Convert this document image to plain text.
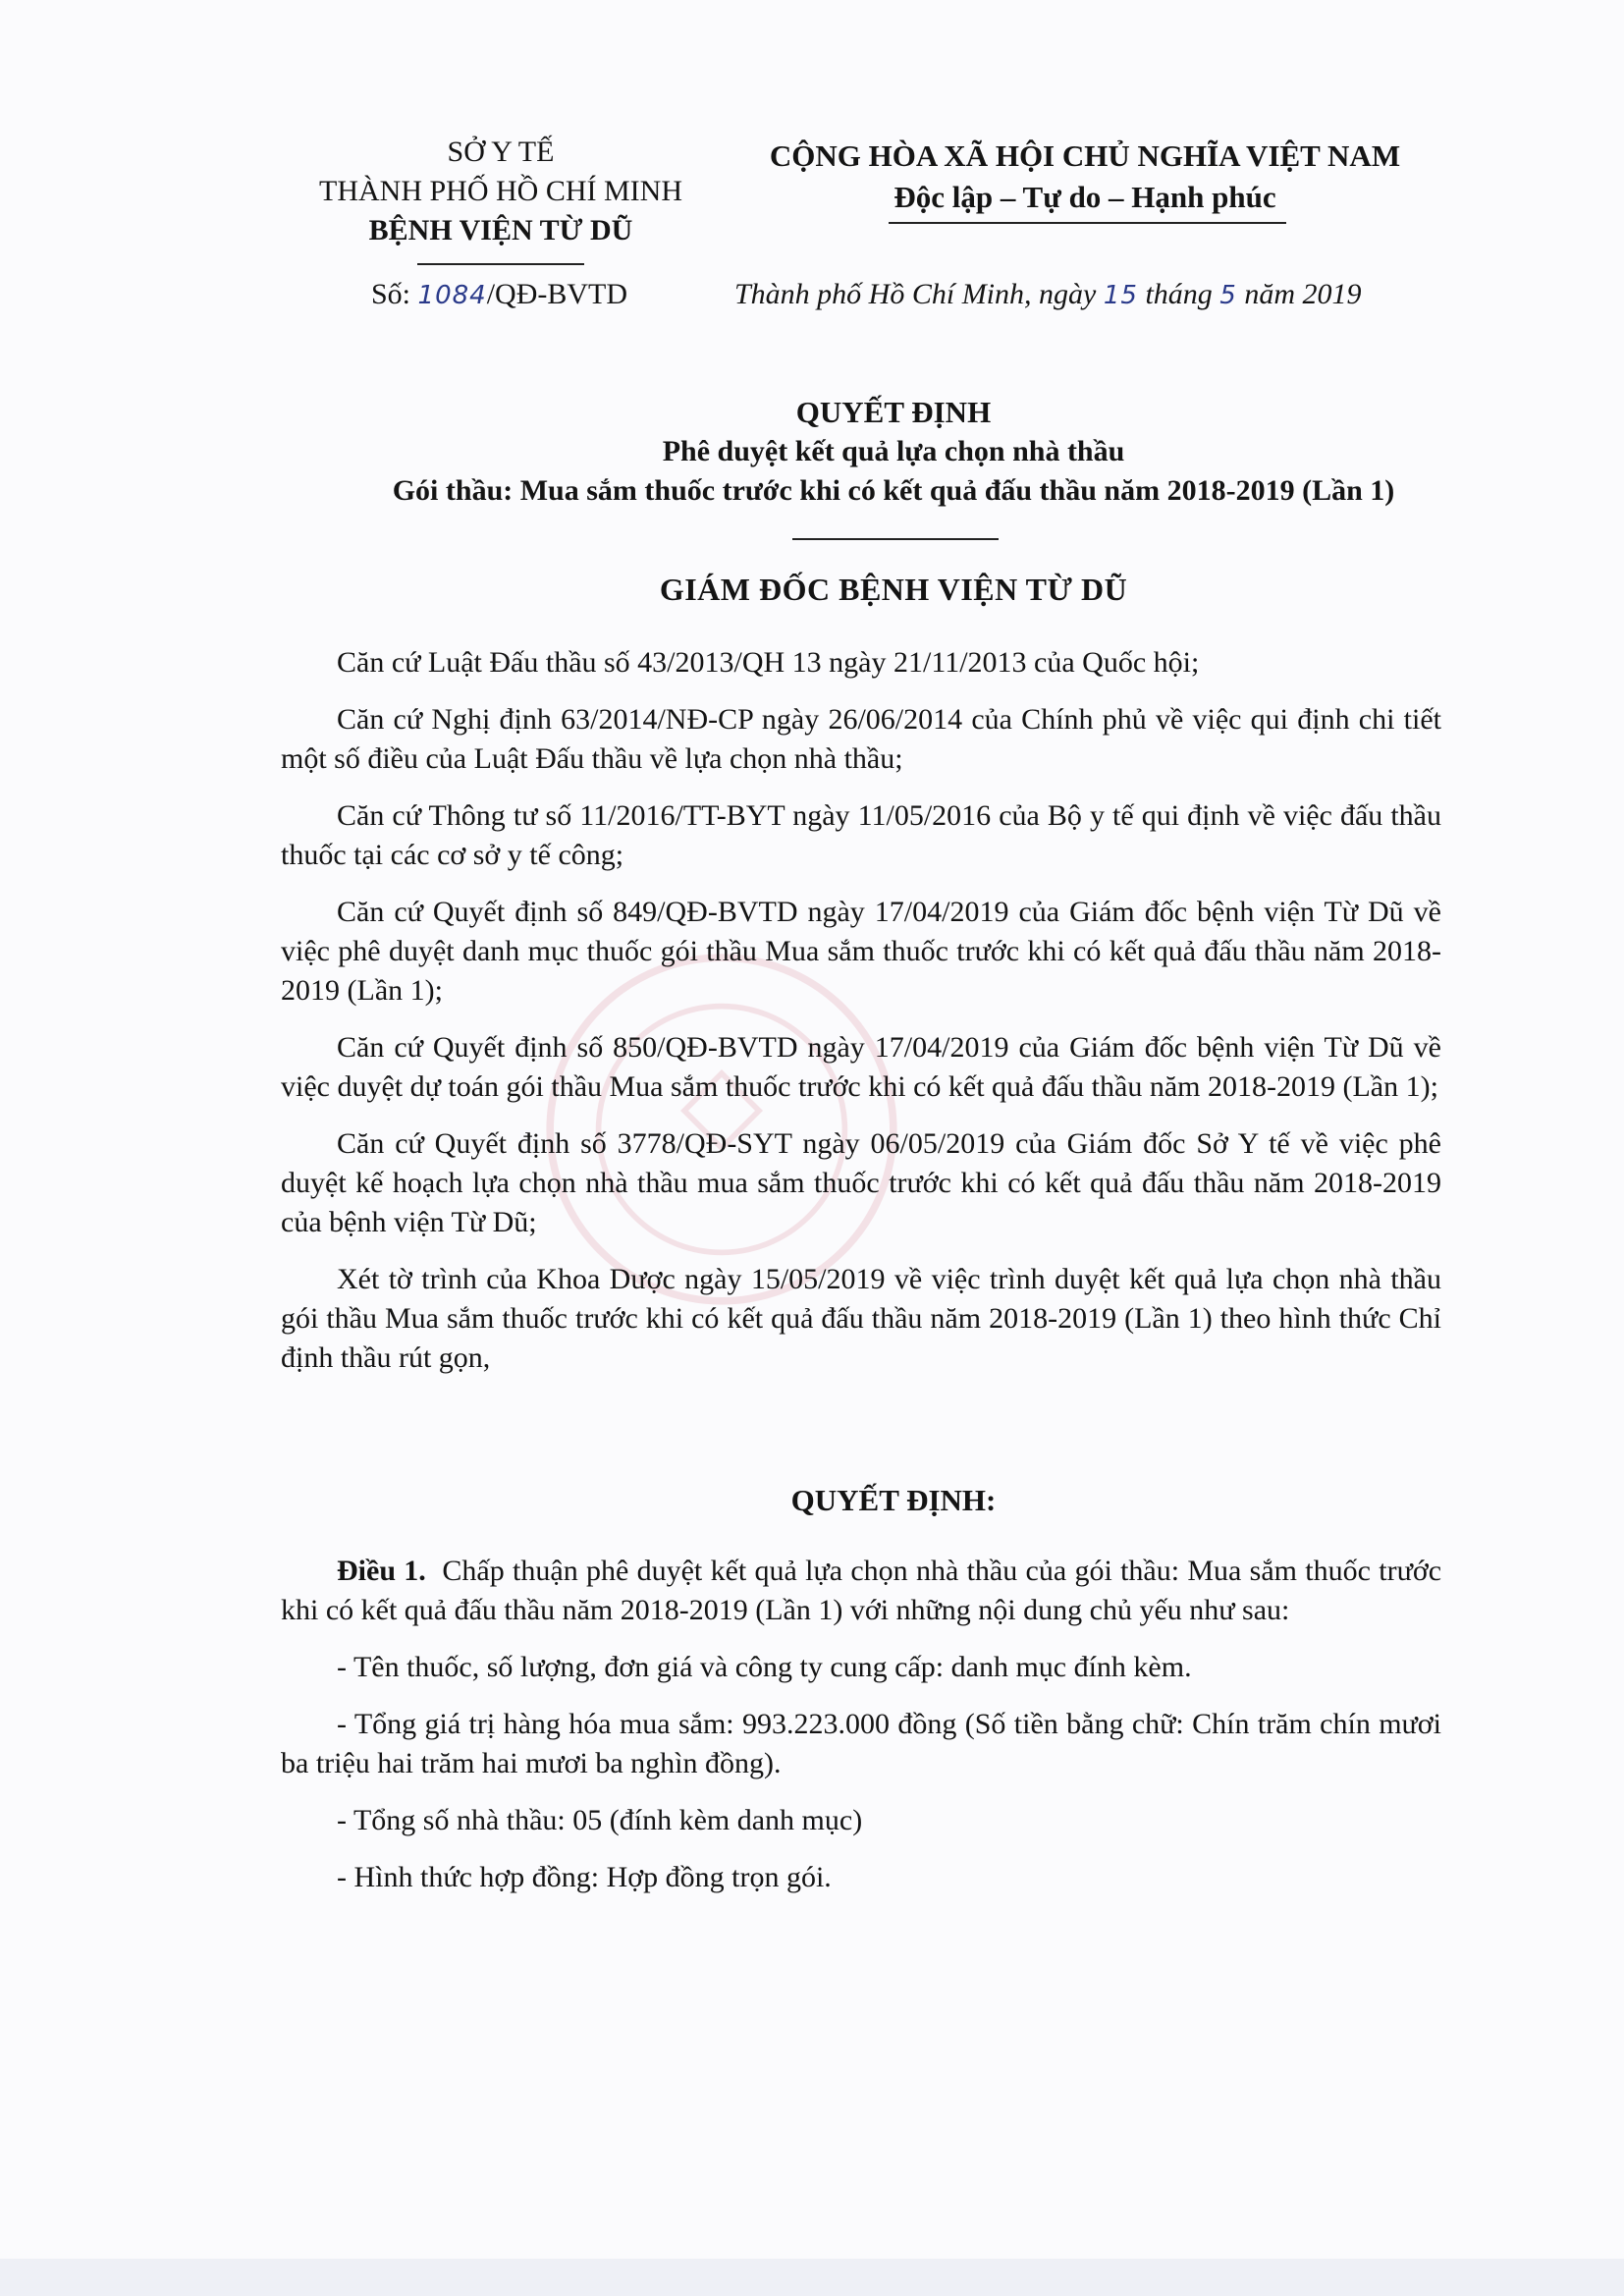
SỞ Y TẾ
THÀNH PHỐ HỒ CHÍ MINH
BỆNH VIỆN TỪ DŨ
CỘNG HÒA XÃ HỘI CHỦ NGHĨA VIỆT NAM
Độc lập – Tự do – Hạnh phúc
Số: 1084/QĐ-BVTD	Thành phố Hồ Chí Minh, ngày 15 tháng 5 năm 2019
QUYẾT ĐỊNH
Phê duyệt kết quả lựa chọn nhà thầu
Gói thầu: Mua sắm thuốc trước khi có kết quả đấu thầu năm 2018-2019 (Lần 1)
GIÁM ĐỐC BỆNH VIỆN TỪ DŨ

Căn cứ Luật Đấu thầu số 43/2013/QH 13 ngày 21/11/2013 của Quốc hội;

Căn cứ Nghị định 63/2014/NĐ-CP ngày 26/06/2014 của Chính phủ về việc qui định chi tiết một số điều của Luật Đấu thầu về lựa chọn nhà thầu;

Căn cứ Thông tư số 11/2016/TT-BYT ngày 11/05/2016 của Bộ y tế qui định về việc đấu thầu thuốc tại các cơ sở y tế công;

Căn cứ Quyết định số 849/QĐ-BVTD ngày 17/04/2019 của Giám đốc bệnh viện Từ Dũ về việc phê duyệt danh mục thuốc gói thầu Mua sắm thuốc trước khi có kết quả đấu thầu năm 2018-2019 (Lần 1);

Căn cứ Quyết định số 850/QĐ-BVTD ngày 17/04/2019 của Giám đốc bệnh viện Từ Dũ về việc duyệt dự toán gói thầu Mua sắm thuốc trước khi có kết quả đấu thầu năm 2018-2019 (Lần 1);

Căn cứ Quyết định số 3778/QĐ-SYT ngày 06/05/2019 của Giám đốc Sở Y tế về việc phê duyệt kế hoạch lựa chọn nhà thầu mua sắm thuốc trước khi có kết quả đấu thầu năm 2018-2019 của bệnh viện Từ Dũ;

Xét tờ trình của Khoa Dược ngày 15/05/2019 về việc trình duyệt kết quả lựa chọn nhà thầu gói thầu Mua sắm thuốc trước khi có kết quả đấu thầu năm 2018-2019 (Lần 1) theo hình thức Chỉ định thầu rút gọn,

QUYẾT ĐỊNH:

Điều 1. Chấp thuận phê duyệt kết quả lựa chọn nhà thầu của gói thầu: Mua sắm thuốc trước khi có kết quả đấu thầu năm 2018-2019 (Lần 1) với những nội dung chủ yếu như sau:

- Tên thuốc, số lượng, đơn giá và công ty cung cấp: danh mục đính kèm.

- Tổng giá trị hàng hóa mua sắm: 993.223.000 đồng (Số tiền bằng chữ: Chín trăm chín mươi ba triệu hai trăm hai mươi ba nghìn đồng).

- Tổng số nhà thầu: 05 (đính kèm danh mục)

- Hình thức hợp đồng: Hợp đồng trọn gói.
